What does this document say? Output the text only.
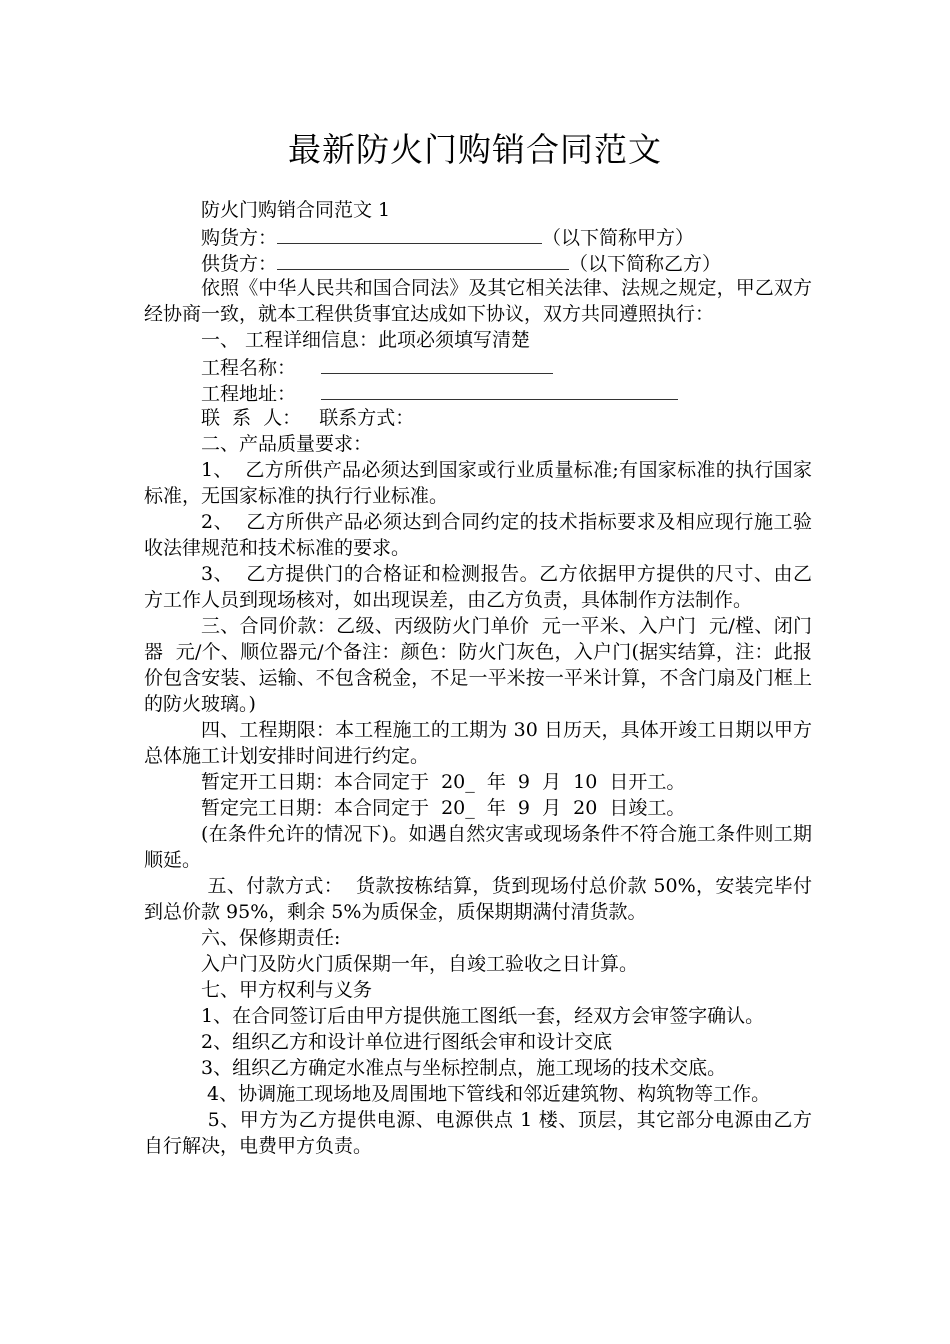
最新防火门购销合同范文
防火门购销合同范文 1
购货方：	（以下简称甲方）
供货方：	（以下简称乙方）
依照《中华人民共和国合同法》及其它相关法律、法规之规定，甲乙双方经协商一致，就本工程供货事宜达成如下协议，双方共同遵照执行：
一、 工程详细信息：此项必须填写清楚
工程名称：
工程地址：
联  系  人：   联系方式：
二、产品质量要求：
1、  乙方所供产品必须达到国家或行业质量标准;有国家标准的执行国家标准，无国家标准的执行行业标准。
2、  乙方所供产品必须达到合同约定的技术指标要求及相应现行施工验收法律规范和技术标准的要求。
3、  乙方提供门的合格证和检测报告。乙方依据甲方提供的尺寸、由乙方工作人员到现场核对，如出现误差，由乙方负责，具体制作方法制作。
三、合同价款：乙级、丙级防火门单价  元一平米、入户门  元/樘、闭门器  元/个、顺位器元/个备注：颜色：防火门灰色，入户门(据实结算，注：此报价包含安装、运输、不包含税金，不足一平米按一平米计算，不含门扇及门框上的防火玻璃。)
四、工程期限：本工程施工的工期为 30 日历天，具体开竣工日期以甲方总体施工计划安排时间进行约定。
暂定开工日期：本合同定于  20_  年  9  月  10  日开工。
暂定完工日期：本合同定于  20_  年  9  月  20  日竣工。
(在条件允许的情况下)。如遇自然灾害或现场条件不符合施工条件则工期顺延。
五、付款方式：  货款按栋结算，货到现场付总价款 50%，安装完毕付到总价款 95%，剩余 5%为质保金，质保期期满付清货款。
六、保修期责任:
入户门及防火门质保期一年，自竣工验收之日计算。
七、甲方权利与义务
1、在合同签订后由甲方提供施工图纸一套，经双方会审签字确认。
2、组织乙方和设计单位进行图纸会审和设计交底
3、组织乙方确定水准点与坐标控制点，施工现场的技术交底。
4、协调施工现场地及周围地下管线和邻近建筑物、构筑物等工作。
5、甲方为乙方提供电源、电源供点 1 楼、顶层，其它部分电源由乙方自行解决，电费甲方负责。
